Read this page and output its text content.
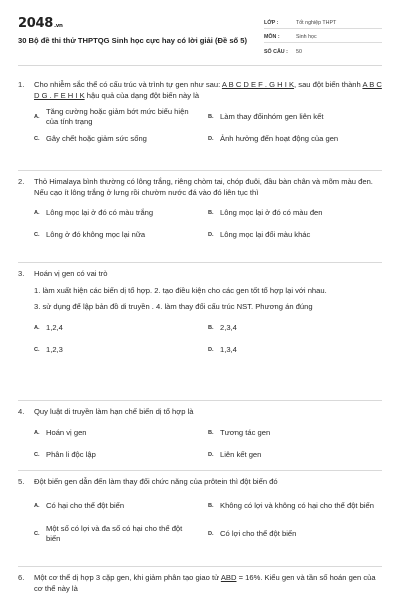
2048.vn
30 Bộ đề thi thử THPTQG Sinh học cực hay có lời giải (Đề số 5)
LỚP :	Tốt nghiệp THPT
MÔN :	Sinh học
SỐ CÂU :	50
1.	Cho nhiễm sắc thể có cấu trúc và trình tự gen như sau: A B C D E F . G H I K, sau đột biến thành A B C D G . F E H I K hậu quả của dạng đột biến này là
A.
Tăng cường hoặc giảm bớt mức biểu hiện của tính trạng	B. Làm thay đổinhóm gen liên kết
C. Gây chết hoặc giảm sức sống	D. Ảnh hưởng đến hoạt động của gen
2.	Thỏ Himalaya bình thường có lông trắng, riêng chòm tai, chóp đuôi, đầu bàn chân và mõm màu đen. Nếu cạo ít lông trắng ở lưng rồi chườm nước đá vào đó liên tục thì
A. Lông mọc lại ở đó có màu trắng	B. Lông mọc lại ở đó có màu đen
C. Lông ở đó không mọc lại nữa	D. Lông mọc lại đổi màu khác
3.	Hoán vị gen có vai trò
1. làm xuất hiện các biến dị tổ hợp. 2. tạo điều kiện cho các gen tốt tổ hợp lại với nhau.
3. sử dụng để lập bản đồ di truyền . 4. làm thay đổi cấu trúc NST. Phương án đúng
A. 1,2,4	B. 2,3,4
C. 1,2,3	D. 1,3,4
4.	Quy luật di truyền làm hạn chế biến dị tổ hợp là
A. Hoán vị gen	B. Tương tác gen
C. Phân li độc lập	D. Liên kết gen
5.	Đột biến gen dẫn đến làm thay đổi chức năng của prôtein thì đột biến đó
A. Có hại cho thể đột biến	B. Không có lợi và không có hại cho thể đột biến
C.
Một số có lợi và đa số có hại cho thể đột biến	D. Có lợi cho thể đột biến
6.	Một cơ thể dị hợp 3 cặp gen, khi giảm phân tạo giao tử ABD = 16%. Kiểu gen và tần số hoán gen của cơ thể này là
